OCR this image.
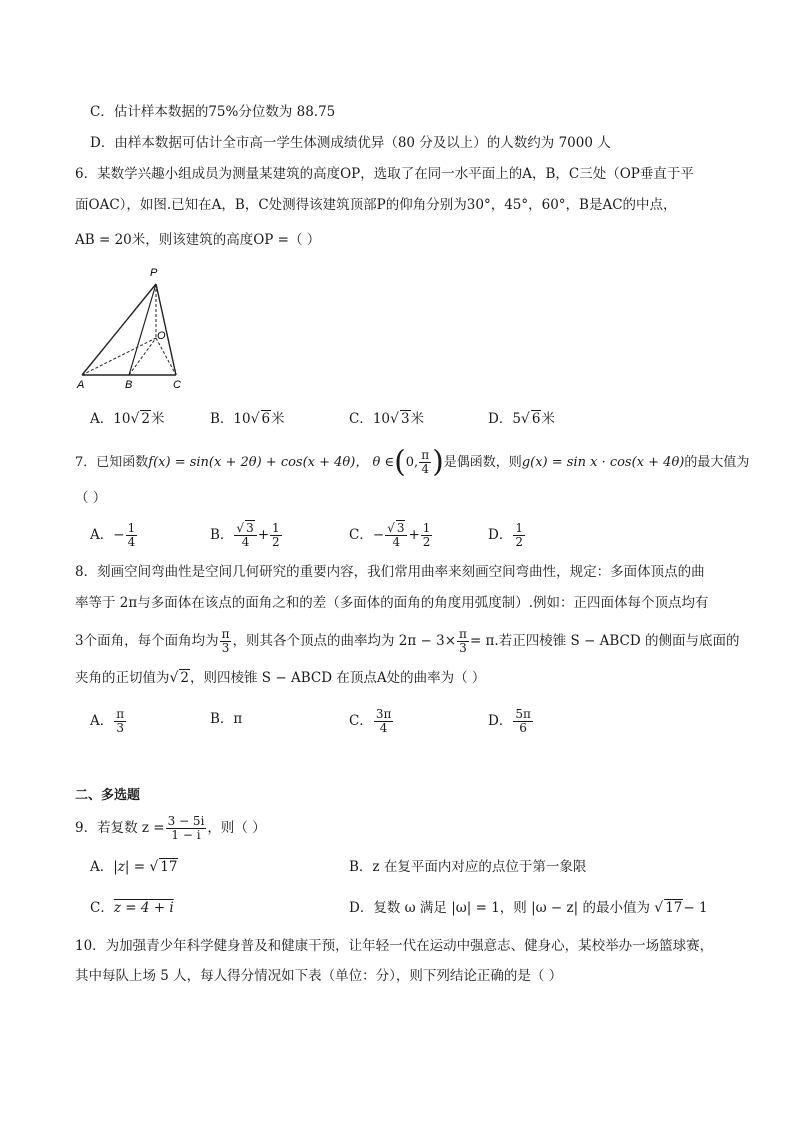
C．估计样本数据的75%分位数为 88.75
D．由样本数据可估计全市高一学生体测成绩优异（80 分及以上）的人数约为 7000 人
6．某数学兴趣小组成员为测量某建筑的高度OP，选取了在同一水平面上的A，B，C三处（OP垂直于平
面OAC），如图.已知在A，B，C处测得该建筑顶部P的仰角分别为30°，45°，60°，B是AC的中点，
AB = 20米，则该建筑的高度OP =（ ）
P
O
A	B	C
A．10√ 2米	B．10√ 6米	C．10√ 3米	D．5√ 6米
7．已知函数f(x) = sin(x + 2θ) + cos(x + 4θ)， θ ∈(0, $\frac{\pi}{4}$ )是偶函数，则g(x) = sin x · cos(x + 4θ)的最大值为
（ ）
A．− $\frac{1}{4}$	B． $\frac{√ 3}{4} + \frac{1}{2}$	C．− $\frac{√ 3}{4} + \frac{1}{2}$	D． $\frac{1}{2}$
8．刻画空间弯曲性是空间几何研究的重要内容，我们常用曲率来刻画空间弯曲性，规定：多面体顶点的曲
率等于 2π与多面体在该点的面角之和的差（多面体的面角的角度用弧度制）.例如：正四面体每个顶点均有
3个面角，每个面角均为 $\frac{\pi}{3}$ ，则其各个顶点的曲率均为 $2\pi - 3\times \frac{\pi}{3} = \pi$.若正四棱锥 S − ABCD 的侧面与底面的
夹角的正切值为√ 2，则四棱锥 S − ABCD 在顶点A处的曲率为（ ）
A． $\frac{\pi}{3}$	B．π	C． $\frac{3\pi}{4}$	D． $\frac{5\pi}{6}$
二、多选题
9．若复数 $z = \frac{3 - 5i}{1 - i}$ ，则（ ）
A．|z| = √ 17	B．z 在复平面内对应的点位于第一象限
C．z = 4 + i	D．复数 ω 满足 |ω| = 1，则 |ω − z| 的最小值为 √ 17− 1
10．为加强青少年科学健身普及和健康干预，让年轻一代在运动中强意志、健身心，某校举办一场篮球赛，
其中每队上场 5 人，每人得分情况如下表（单位：分），则下列结论正确的是（ ）
